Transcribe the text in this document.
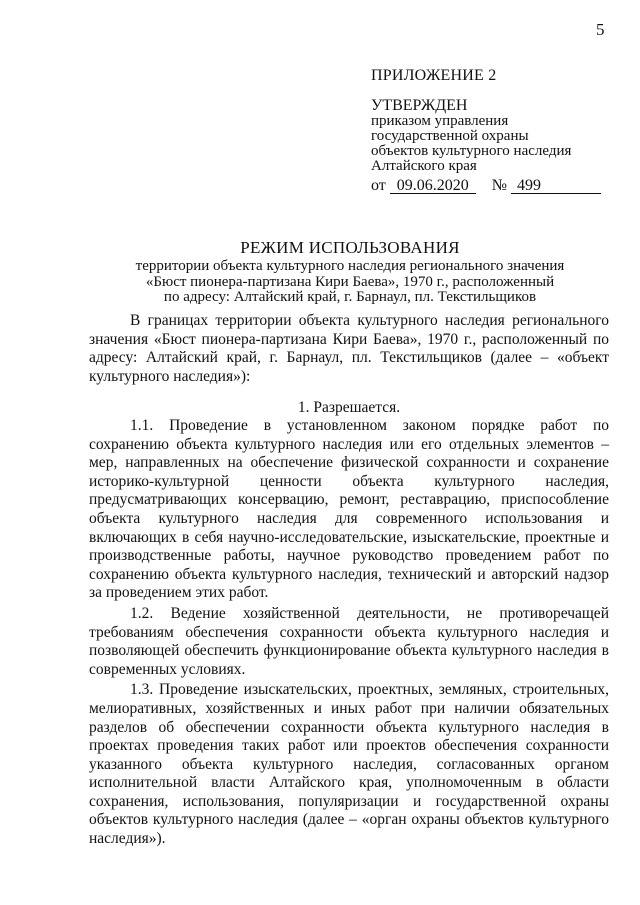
5
ПРИЛОЖЕНИЕ 2
УТВЕРЖДЕН
приказом управления
государственной охраны
объектов культурного наследия
Алтайского края
от 09.06.2020 № 499
РЕЖИМ ИСПОЛЬЗОВАНИЯ
территории объекта культурного наследия регионального значения
«Бюст пионера-партизана Кири Баева», 1970 г., расположенный
по адресу: Алтайский край, г. Барнаул, пл. Текстильщиков

В границах территории объекта культурного наследия регионального значения «Бюст пионера-партизана Кири Баева», 1970 г., расположенный по адресу: Алтайский край, г. Барнаул, пл. Текстильщиков (далее – «объект культурного наследия»):

1. Разрешается.

1.1. Проведение в установленном законом порядке работ по сохранению объекта культурного наследия или его отдельных элементов – мер, направленных на обеспечение физической сохранности и сохранение историко-культурной ценности объекта культурного наследия, предусматривающих консервацию, ремонт, реставрацию, приспособление объекта культурного наследия для современного использования и включающих в себя научно-исследовательские, изыскательские, проектные и производственные работы, научное руководство проведением работ по сохранению объекта культурного наследия, технический и авторский надзор за проведением этих работ.

1.2. Ведение хозяйственной деятельности, не противоречащей требованиям обеспечения сохранности объекта культурного наследия и позволяющей обеспечить функционирование объекта культурного наследия в современных условиях.

1.3. Проведение изыскательских, проектных, земляных, строительных, мелиоративных, хозяйственных и иных работ при наличии обязательных разделов об обеспечении сохранности объекта культурного наследия в проектах проведения таких работ или проектов обеспечения сохранности указанного объекта культурного наследия, согласованных органом исполнительной власти Алтайского края, уполномоченным в области сохранения, использования, популяризации и государственной охраны объектов культурного наследия (далее – «орган охраны объектов культурного наследия»).
